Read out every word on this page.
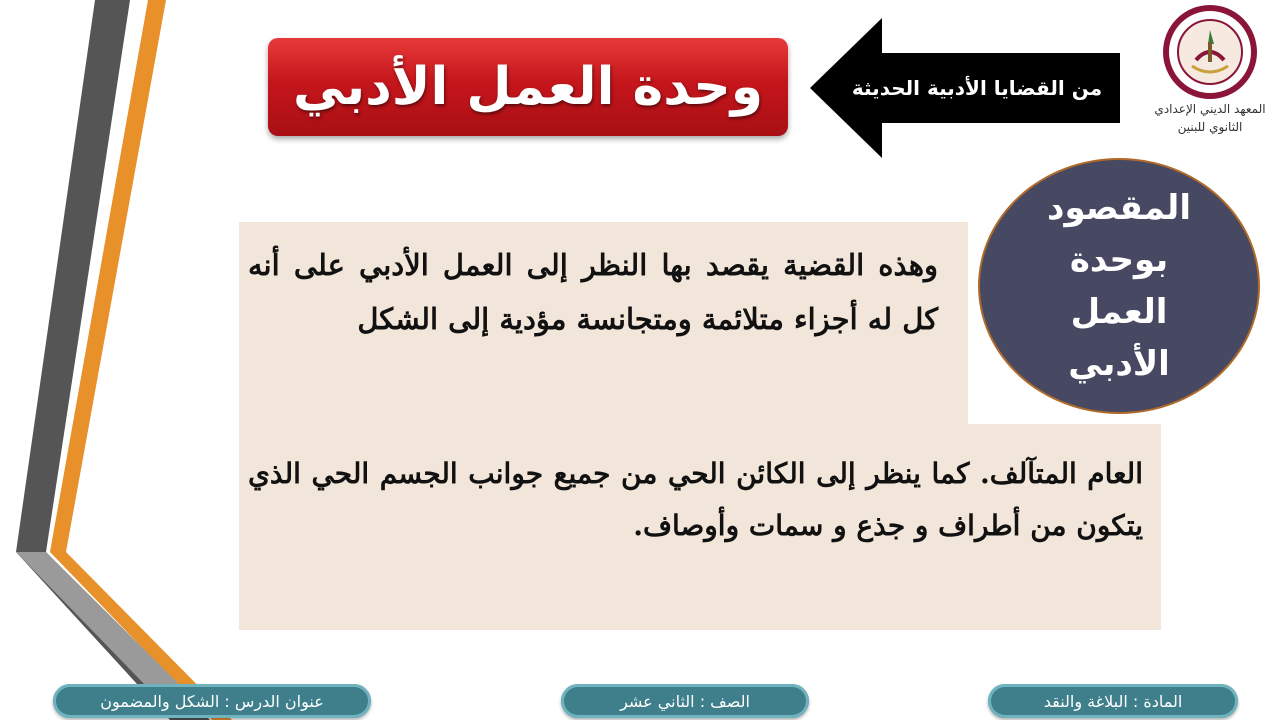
وحدة العمل الأدبي	من القضايا الأدبية الحديثة
المعهد الديني الإعدادي
الثانوي للبنين
المقصود
بوحدة
العمل
الأدبي
وهذه القضية يقصد بها النظر إلى العمل الأدبي على أنه كل له أجزاء متلائمة ومتجانسة مؤدية إلى الشكل
العام المتآلف. كما ينظر إلى الكائن الحي من جميع جوانب الجسم الحي الذي يتكون من أطراف و جذع و سمات وأوصاف.
عنوان الدرس : الشكل والمضمون	الصف : الثاني عشر	المادة : البلاغة والنقد
